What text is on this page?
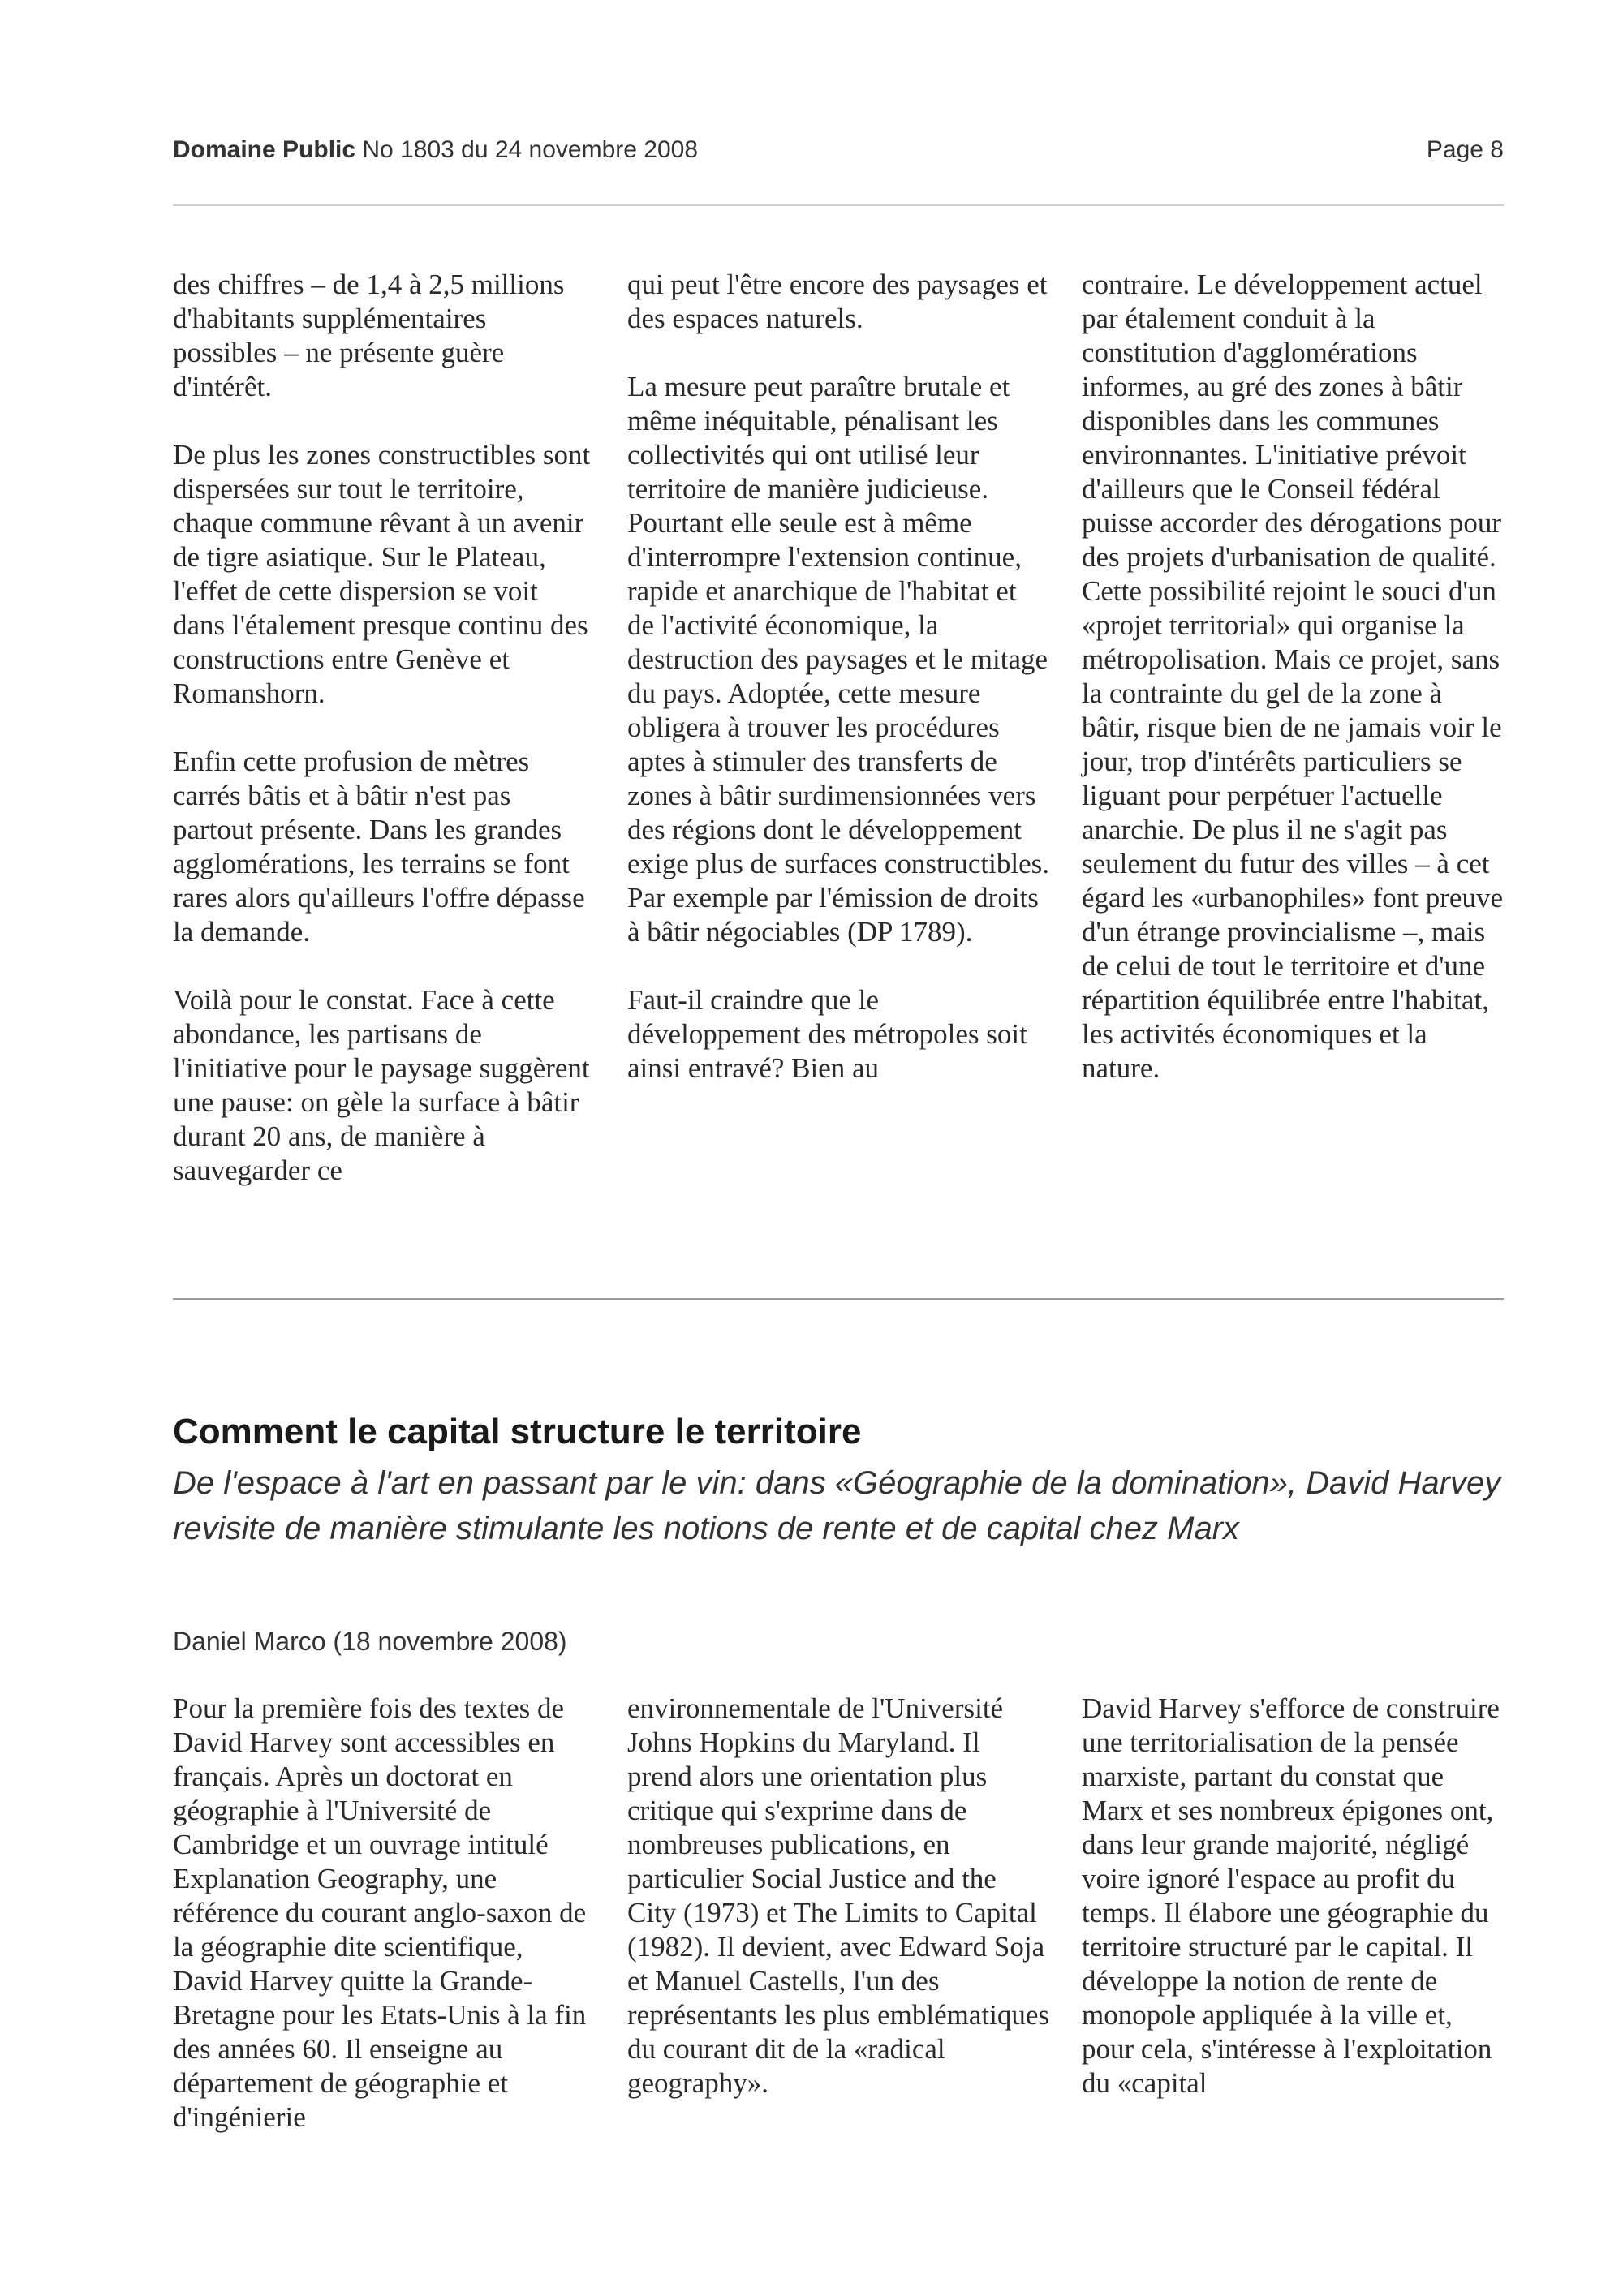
Domaine Public No 1803 du 24 novembre 2008	Page 8

des chiffres – de 1,4 à 2,5 millions d'habitants supplémentaires possibles – ne présente guère d'intérêt.

De plus les zones constructibles sont dispersées sur tout le territoire, chaque commune rêvant à un avenir de tigre asiatique. Sur le Plateau, l'effet de cette dispersion se voit dans l'étalement presque continu des constructions entre Genève et Romanshorn.

Enfin cette profusion de mètres carrés bâtis et à bâtir n'est pas partout présente. Dans les grandes agglomérations, les terrains se font rares alors qu'ailleurs l'offre dépasse la demande.

Voilà pour le constat. Face à cette abondance, les partisans de l'initiative pour le paysage suggèrent une pause: on gèle la surface à bâtir durant 20 ans, de manière à sauvegarder ce

qui peut l'être encore des paysages et des espaces naturels.

La mesure peut paraître brutale et même inéquitable, pénalisant les collectivités qui ont utilisé leur territoire de manière judicieuse. Pourtant elle seule est à même d'interrompre l'extension continue, rapide et anarchique de l'habitat et de l'activité économique, la destruction des paysages et le mitage du pays. Adoptée, cette mesure obligera à trouver les procédures aptes à stimuler des transferts de zones à bâtir surdimensionnées vers des régions dont le développement exige plus de surfaces constructibles. Par exemple par l'émission de droits à bâtir négociables (DP 1789).

Faut-il craindre que le développement des métropoles soit ainsi entravé? Bien au

contraire. Le développement actuel par étalement conduit à la constitution d'agglomérations informes, au gré des zones à bâtir disponibles dans les communes environnantes. L'initiative prévoit d'ailleurs que le Conseil fédéral puisse accorder des dérogations pour des projets d'urbanisation de qualité. Cette possibilité rejoint le souci d'un «projet territorial» qui organise la métropolisation. Mais ce projet, sans la contrainte du gel de la zone à bâtir, risque bien de ne jamais voir le jour, trop d'intérêts particuliers se liguant pour perpétuer l'actuelle anarchie. De plus il ne s'agit pas seulement du futur des villes – à cet égard les «urbanophiles» font preuve d'un étrange provincialisme –, mais de celui de tout le territoire et d'une répartition équilibrée entre l'habitat, les activités économiques et la nature.

Comment le capital structure le territoire

De l'espace à l'art en passant par le vin: dans «Géographie de la domination», David Harvey revisite de manière stimulante les notions de rente et de capital chez Marx

Daniel Marco (18 novembre 2008)

Pour la première fois des textes de David Harvey sont accessibles en français. Après un doctorat en géographie à l'Université de Cambridge et un ouvrage intitulé Explanation Geography, une référence du courant anglo-saxon de la géographie dite scientifique, David Harvey quitte la Grande-Bretagne pour les Etats-Unis à la fin des années 60. Il enseigne au département de géographie et d'ingénierie

environnementale de l'Université Johns Hopkins du Maryland. Il prend alors une orientation plus critique qui s'exprime dans de nombreuses publications, en particulier Social Justice and the City (1973) et The Limits to Capital (1982). Il devient, avec Edward Soja et Manuel Castells, l'un des représentants les plus emblématiques du courant dit de la «radical geography».

David Harvey s'efforce de construire une territorialisation de la pensée marxiste, partant du constat que Marx et ses nombreux épigones ont, dans leur grande majorité, négligé voire ignoré l'espace au profit du temps. Il élabore une géographie du territoire structuré par le capital. Il développe la notion de rente de monopole appliquée à la ville et, pour cela, s'intéresse à l'exploitation du «capital
